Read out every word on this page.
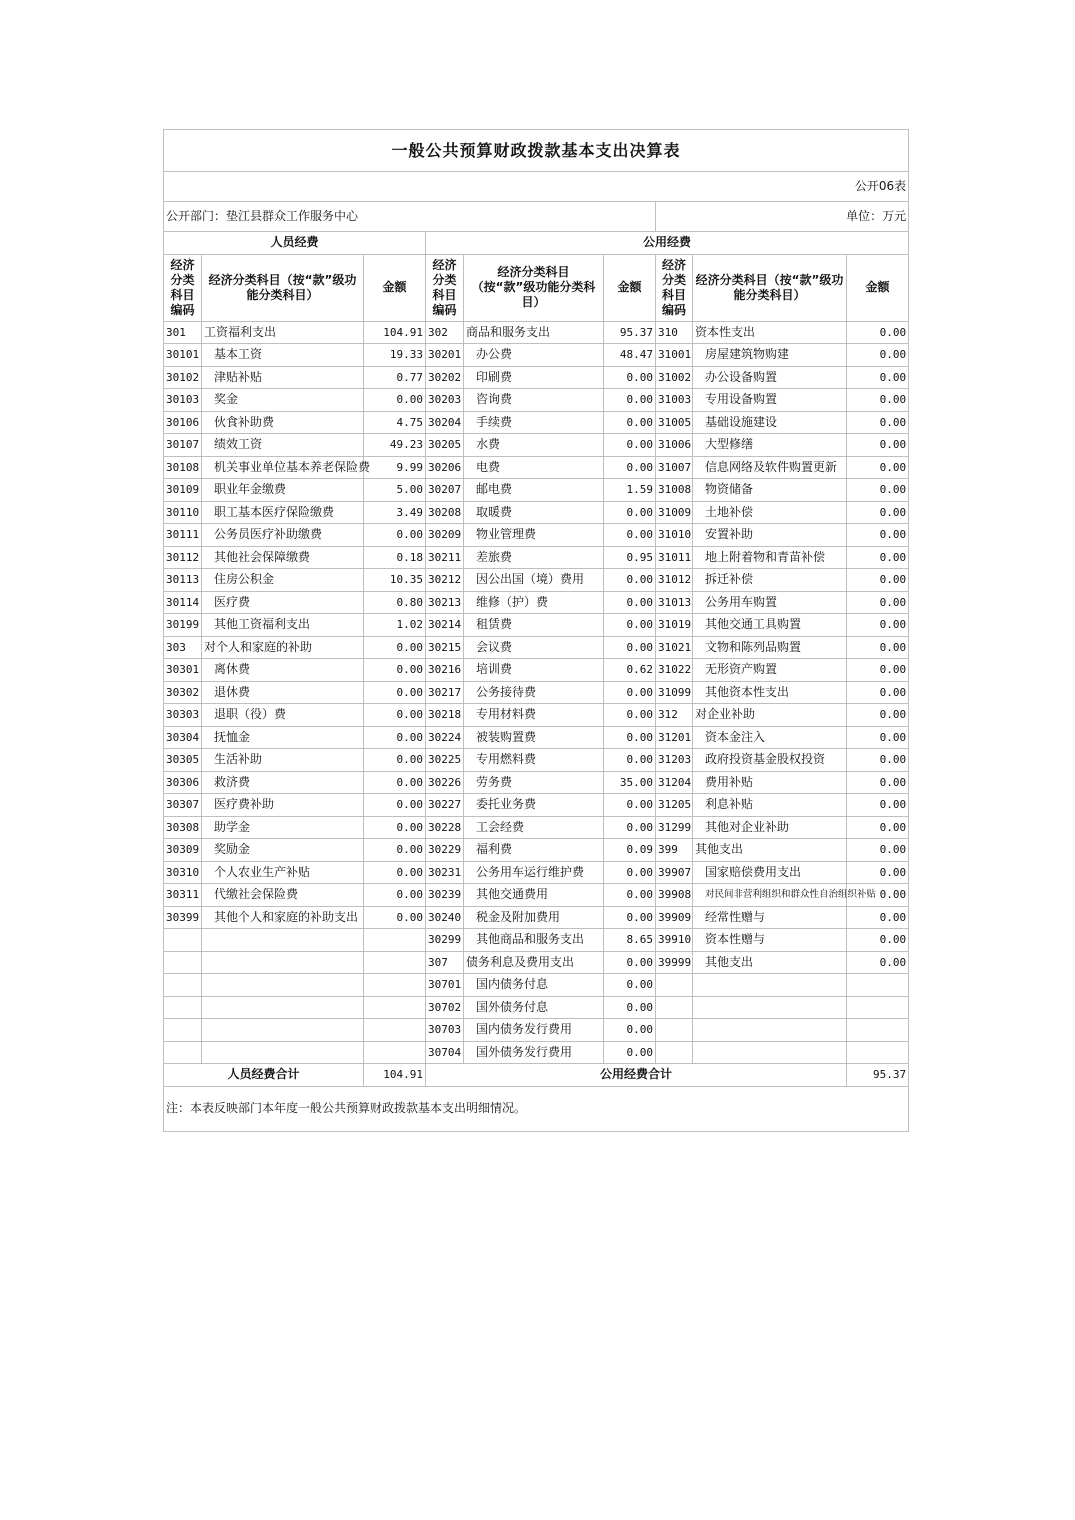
一般公共预算财政拨款基本支出决算表								
公开06表								
公开部门：垫江县群众工作服务中心						单位：万元		
人员经费			公用经费					
经济分类科目编码	经济分类科目（按“款”级功能分类科目）	金额	经济分类科目编码	经济分类科目（按“款”级功能分类科目）	金额	经济分类科目编码	经济分类科目（按“款”级功能分类科目）	金额
301	工资福利支出	104.91	302	商品和服务支出	95.37	310	资本性支出	0.00
30101	基本工资	19.33	30201	办公费	48.47	31001	房屋建筑物购建	0.00
30102	津贴补贴	0.77	30202	印刷费	0.00	31002	办公设备购置	0.00
30103	奖金	0.00	30203	咨询费	0.00	31003	专用设备购置	0.00
30106	伙食补助费	4.75	30204	手续费	0.00	31005	基础设施建设	0.00
30107	绩效工资	49.23	30205	水费	0.00	31006	大型修缮	0.00
30108	机关事业单位基本养老保险费	9.99	30206	电费	0.00	31007	信息网络及软件购置更新	0.00
30109	职业年金缴费	5.00	30207	邮电费	1.59	31008	物资储备	0.00
30110	职工基本医疗保险缴费	3.49	30208	取暖费	0.00	31009	土地补偿	0.00
30111	公务员医疗补助缴费	0.00	30209	物业管理费	0.00	31010	安置补助	0.00
30112	其他社会保障缴费	0.18	30211	差旅费	0.95	31011	地上附着物和青苗补偿	0.00
30113	住房公积金	10.35	30212	因公出国（境）费用	0.00	31012	拆迁补偿	0.00
30114	医疗费	0.80	30213	维修（护）费	0.00	31013	公务用车购置	0.00
30199	其他工资福利支出	1.02	30214	租赁费	0.00	31019	其他交通工具购置	0.00
303	对个人和家庭的补助	0.00	30215	会议费	0.00	31021	文物和陈列品购置	0.00
30301	离休费	0.00	30216	培训费	0.62	31022	无形资产购置	0.00
30302	退休费	0.00	30217	公务接待费	0.00	31099	其他资本性支出	0.00
30303	退职（役）费	0.00	30218	专用材料费	0.00	312	对企业补助	0.00
30304	抚恤金	0.00	30224	被装购置费	0.00	31201	资本金注入	0.00
30305	生活补助	0.00	30225	专用燃料费	0.00	31203	政府投资基金股权投资	0.00
30306	救济费	0.00	30226	劳务费	35.00	31204	费用补贴	0.00
30307	医疗费补助	0.00	30227	委托业务费	0.00	31205	利息补贴	0.00
30308	助学金	0.00	30228	工会经费	0.00	31299	其他对企业补助	0.00
30309	奖励金	0.00	30229	福利费	0.09	399	其他支出	0.00
30310	个人农业生产补贴	0.00	30231	公务用车运行维护费	0.00	39907	国家赔偿费用支出	0.00
30311	代缴社会保险费	0.00	30239	其他交通费用	0.00	39908	对民间非营利组织和群众性自治组织补贴	0.00
30399	其他个人和家庭的补助支出	0.00	30240	税金及附加费用	0.00	39909	经常性赠与	0.00
			30299	其他商品和服务支出	8.65	39910	资本性赠与	0.00
			307	债务利息及费用支出	0.00	39999	其他支出	0.00
			30701	国内债务付息	0.00			
			30702	国外债务付息	0.00			
			30703	国内债务发行费用	0.00			
			30704	国外债务发行费用	0.00			
人员经费合计		104.91	公用经费合计					95.37
注：本表反映部门本年度一般公共预算财政拨款基本支出明细情况。								
